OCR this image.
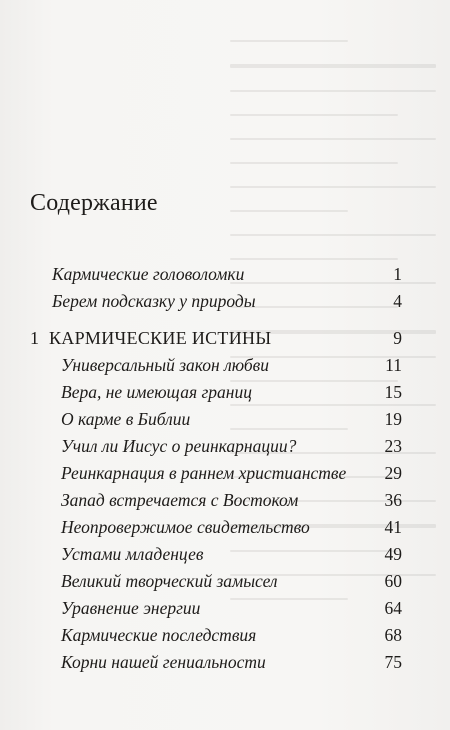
Содержание
Кармические головоломки	1
Берем подсказку у природы	4
1 КАРМИЧЕСКИЕ ИСТИНЫ	9
Универсальный закон любви	11
Вера, не имеющая границ	15
О карме в Библии	19
Учил ли Иисус о реинкарнации?	23
Реинкарнация в раннем христианстве 29
Запад встречается с Востоком	36
Неопровержимое свидетельство	41
Устами младенцев	49
Великий творческий замысел	60
Уравнение энергии	64
Кармические последствия	68
Корни нашей гениальности	75
